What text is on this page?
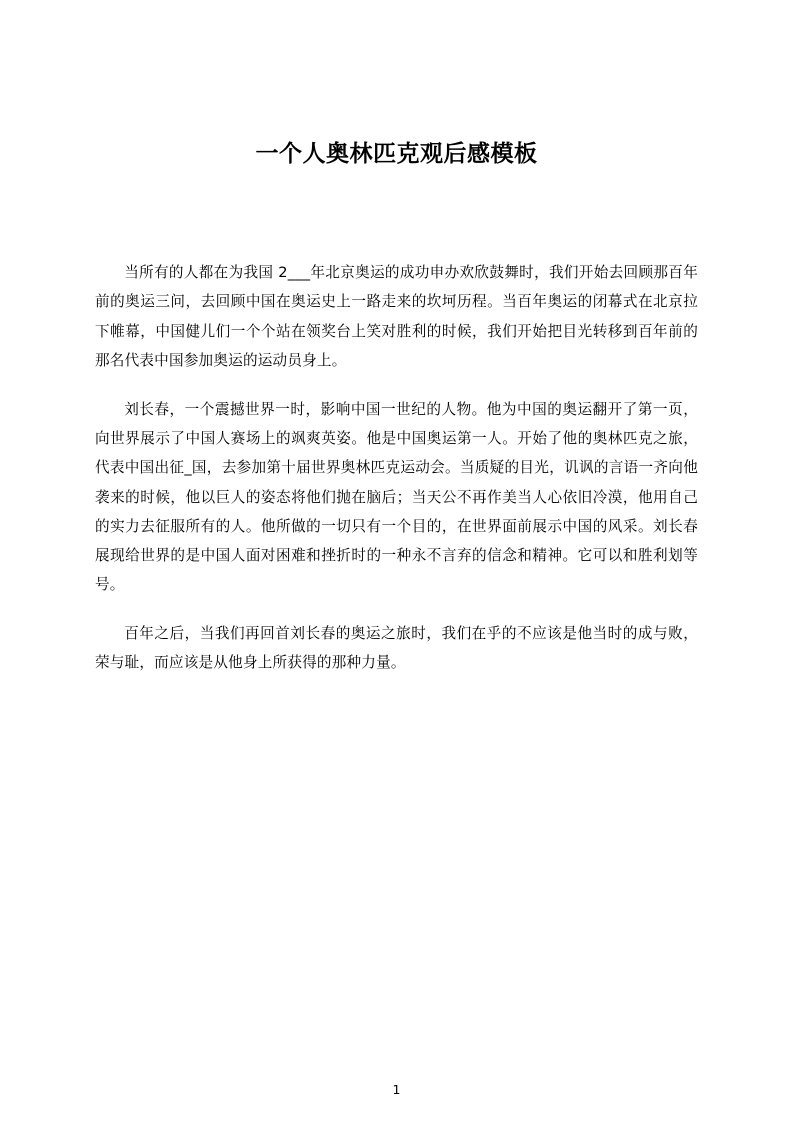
一个人奥林匹克观后感模板

当所有的人都在为我国 2___年北京奥运的成功申办欢欣鼓舞时，我们开始去回顾那百年前的奥运三问，去回顾中国在奥运史上一路走来的坎坷历程。当百年奥运的闭幕式在北京拉下帷幕，中国健儿们一个个站在领奖台上笑对胜利的时候，我们开始把目光转移到百年前的那名代表中国参加奥运的运动员身上。

刘长春，一个震撼世界一时，影响中国一世纪的人物。他为中国的奥运翻开了第一页，向世界展示了中国人赛场上的飒爽英姿。他是中国奥运第一人。开始了他的奥林匹克之旅，代表中国出征_国，去参加第十届世界奥林匹克运动会。当质疑的目光，讥讽的言语一齐向他袭来的时候，他以巨人的姿态将他们抛在脑后；当天公不再作美当人心依旧冷漠，他用自己的实力去征服所有的人。他所做的一切只有一个目的，在世界面前展示中国的风采。刘长春展现给世界的是中国人面对困难和挫折时的一种永不言弃的信念和精神。它可以和胜利划等号。

百年之后，当我们再回首刘长春的奥运之旅时，我们在乎的不应该是他当时的成与败，荣与耻，而应该是从他身上所获得的那种力量。

1
